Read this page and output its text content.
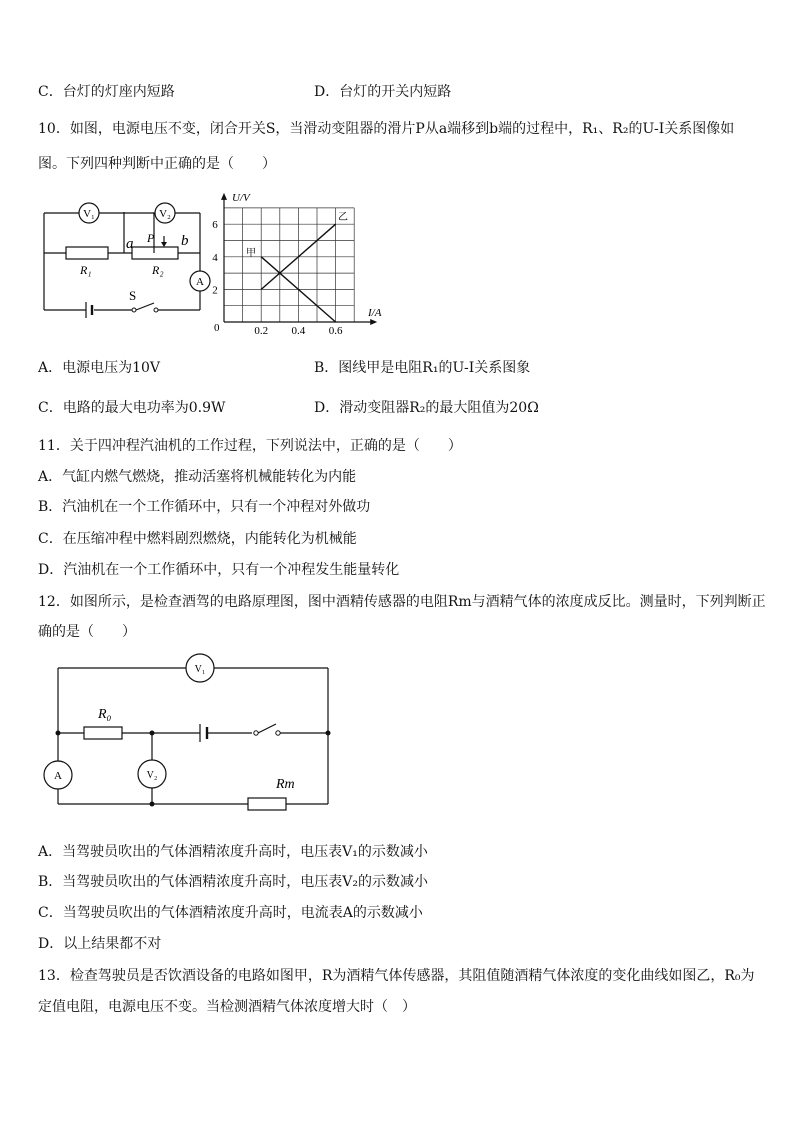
C．台灯的灯座内短路	D．台灯的开关内短路
10．如图，电源电压不变，闭合开关S，当滑动变阻器的滑片P从a端移到b端的过程中，R₁、R₂的U-I关系图像如
图。下列四种判断中正确的是（　　）
V₁	V₂
A
a	b
P
R₁	R₂
S	2
4
6
0.2 0.4 0.6
U/V
I/A
0
甲
乙
A．电源电压为10V	B．图线甲是电阻R₁的U-I关系图象
C．电路的最大电功率为0.9W	D．滑动变阻器R₂的最大阻值为20Ω
11．关于四冲程汽油机的工作过程，下列说法中，正确的是（　　）
A．气缸内燃气燃烧，推动活塞将机械能转化为内能
B．汽油机在一个工作循环中，只有一个冲程对外做功
C．在压缩冲程中燃料剧烈燃烧，内能转化为机械能
D．汽油机在一个工作循环中，只有一个冲程发生能量转化
12．如图所示，是检查酒驾的电路原理图，图中酒精传感器的电阻Rm与酒精气体的浓度成反比。测量时，下列判断正
确的是（　　）
V₁
A	V₂
R₀
Rm
A．当驾驶员吹出的气体酒精浓度升高时，电压表V₁的示数减小
B．当驾驶员吹出的气体酒精浓度升高时，电压表V₂的示数减小
C．当驾驶员吹出的气体酒精浓度升高时，电流表A的示数减小
D．以上结果都不对
13．检查驾驶员是否饮酒设备的电路如图甲，R为酒精气体传感器，其阻值随酒精气体浓度的变化曲线如图乙，R₀为
定值电阻，电源电压不变。当检测酒精气体浓度增大时（　）
